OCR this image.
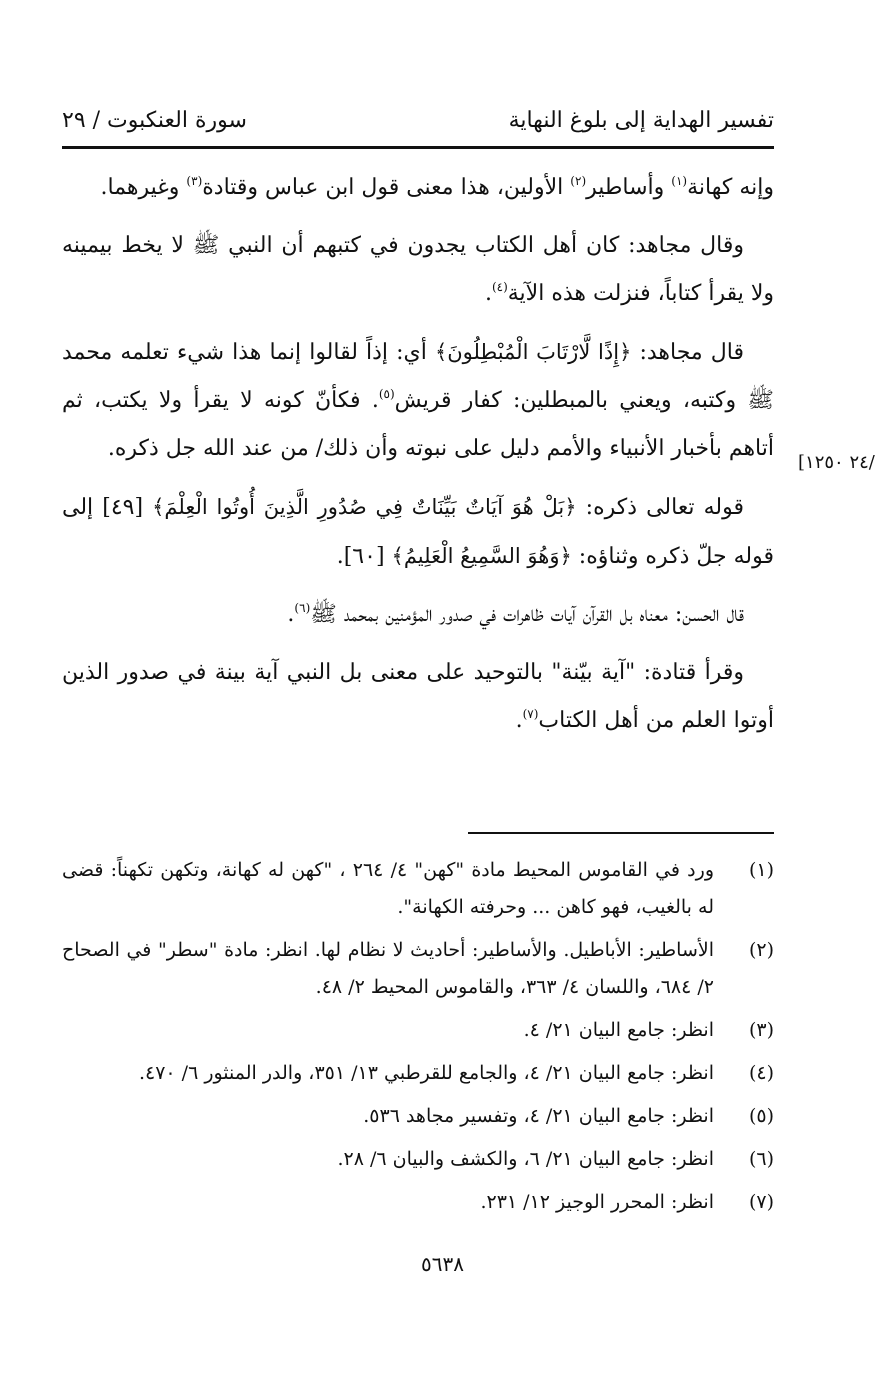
تفسير الهداية إلى بلوغ النهاية
سورة العنكبوت / ٢٩

وإنه كهانة$^{(١)}$ وأساطير$^{(٢)}$ الأولين، هذا معنى قول ابن عباس وقتادة$^{(٣)}$ وغيرهما.

وقال مجاهد: كان أهل الكتاب يجدون في كتبهم أن النبي ﷺ لا يخط بيمينه ولا يقرأ كتاباً، فنزلت هذه الآية$^{(٤)}$.

قال مجاهد: ﴿إِذًا لَّارْتَابَ الْمُبْطِلُونَ﴾ أي: إذاً لقالوا إنما هذا شيء تعلمه محمد ﷺ وكتبه، ويعني بالمبطلين: كفار قريش$^{(٥)}$. فكأنّ كونه لا يقرأ ولا يكتب، ثم أتاهم بأخبار الأنبياء والأمم دليل على نبوته وأن ذلك/ من عند الله جل ذكره.

قوله تعالى ذكره: ﴿بَلْ هُوَ آيَاتٌ بَيِّنَاتٌ فِي صُدُورِ الَّذِينَ أُوتُوا الْعِلْمَ﴾ [٤٩] إلى قوله جلّ ذكره وثناؤه: ﴿وَهُوَ السَّمِيعُ الْعَلِيمُ﴾ [٦٠].

قال الحسن: معناه بل القرآن آيات ظاهرات في صدور المؤمنين بمحمد ﷺ$^{(٦)}$.

وقرأ قتادة: "آية بيّنة" بالتوحيد على معنى بل النبي آية بينة في صدور الذين أوتوا العلم من أهل الكتاب$^{(٧)}$.

/٢٤ ١٢٥٠]
(١)
ورد في القاموس المحيط مادة "كهن" ٤/ ٢٦٤ ، "كهن له كهانة، وتكهن تكهناً: قضى له بالغيب، فهو كاهن ... وحرفته الكهانة".
(٢)
الأساطير: الأباطيل. والأساطير: أحاديث لا نظام لها. انظر: مادة "سطر" في الصحاح ٢/ ٦٨٤، واللسان ٤/ ٣٦٣، والقاموس المحيط ٢/ ٤٨.
(٣)
انظر: جامع البيان ٢١/ ٤.
(٤)
انظر: جامع البيان ٢١/ ٤، والجامع للقرطبي ١٣/ ٣٥١، والدر المنثور ٦/ ٤٧٠.
(٥)
انظر: جامع البيان ٢١/ ٤، وتفسير مجاهد ٥٣٦.
(٦)
انظر: جامع البيان ٢١/ ٦، والكشف والبيان ٦/ ٢٨.
(٧)
انظر: المحرر الوجيز ١٢/ ٢٣١.
٥٦٣٨
